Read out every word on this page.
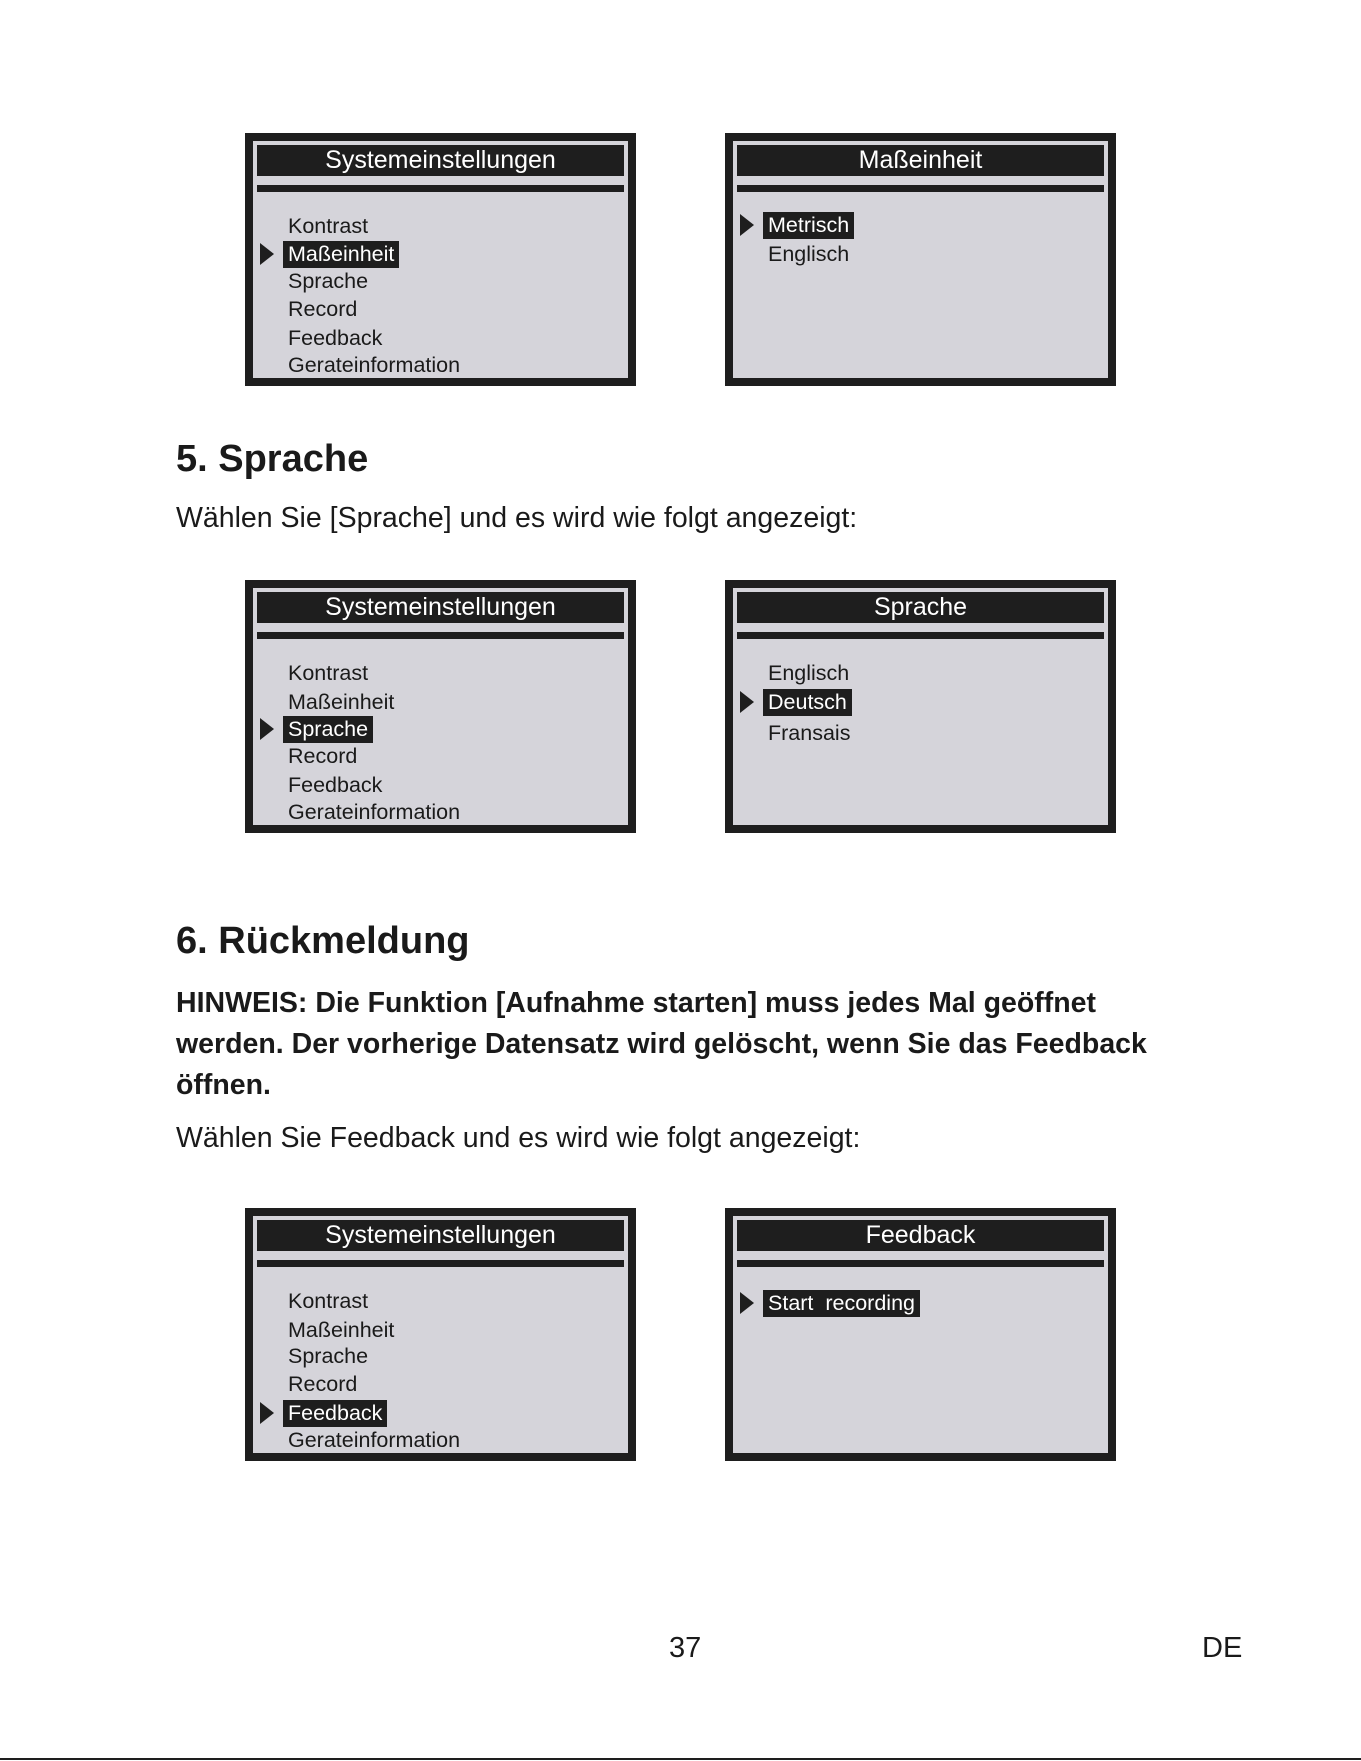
Systemeinstellungen
Kontrast
Maßeinheit
Sprache
Record
Feedback
Gerateinformation
Maßeinheit
Metrisch
Englisch
5. Sprache

Wählen Sie [Sprache] und es wird wie folgt angezeigt:

Systemeinstellungen
Kontrast
Maßeinheit
Sprache
Record
Feedback
Gerateinformation
Sprache
Englisch
Deutsch
Fransais
6. Rückmeldung

HINWEIS: Die Funktion [Aufnahme starten] muss jedes Mal geöffnet werden. Der vorherige Datensatz wird gelöscht, wenn Sie das Feedback öffnen.

Wählen Sie Feedback und es wird wie folgt angezeigt:

Systemeinstellungen
Kontrast
Maßeinheit
Sprache
Record
Feedback
Gerateinformation
Feedback
Start  recording
37	DE
